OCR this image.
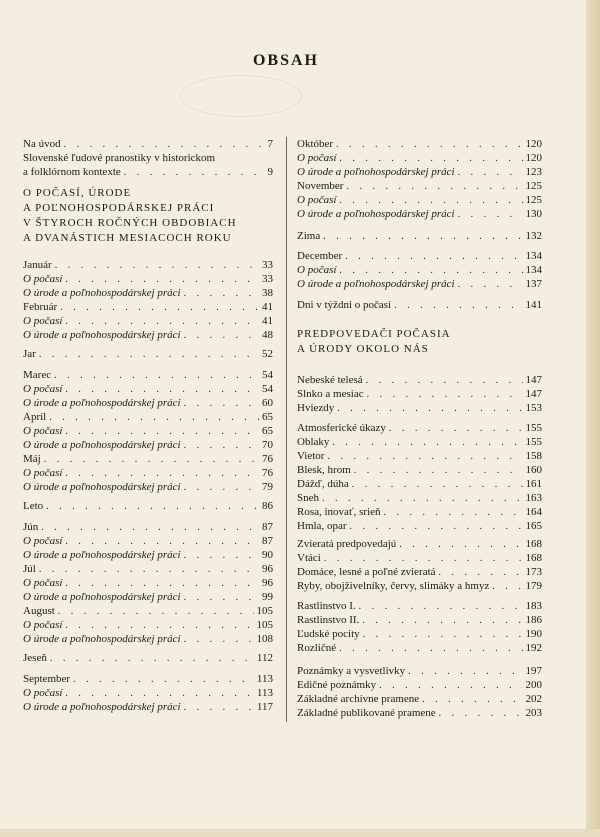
OBSAH
Na úvod . . .	7
Slovenské ľudové pranostiky v historickom
a folklórnom kontexte . . .	9
O POČASÍ, ÚRODE
A POĽNOHOSPODÁRSKEJ PRÁCI
V ŠTYROCH ROČNÝCH OBDOBIACH
A DVANÁSTICH MESIACOCH ROKU
Január . . .	33
O počasí . . .	33
O úrode a poľnohospodárskej práci . . .	38
Február . . .	41
O počasí . . .	41
O úrode a poľnohospodárskej práci . . .	48
Jar . . .	52
Marec . . .	54
O počasí . . .	54
O úrode a poľnohospodárskej práci . . .	60
Apríl . . .	65
O počasí . . .	65
O úrode a poľnohospodárskej práci . . .	70
Máj . . .	76
O počasí . . .	76
O úrode a poľnohospodárskej práci . . .	79
Leto . . .	86
Jún . . .	87
O počasí . . .	87
O úrode a poľnohospodárskej práci . . .	90
Júl . . .	96
O počasí . . .	96
O úrode a poľnohospodárskej práci . . .	99
August . . .	105
O počasí . . .	105
O úrode a poľnohospodárskej práci . . .	108
Jeseň . . .	112
September . . .	113
O počasí . . .	113
O úrode a poľnohospodárskej práci . . .	117
Október . . .	120
O počasí . . .	120
O úrode a poľnohospodárskej práci . . .	123
November . . .	125
O počasí . . .	125
O úrode a poľnohospodárskej práci . . .	130
Zima . . .	132
December . . .	134
O počasí . . .	134
O úrode a poľnohospodárskej práci . . .	137
Dni v týždni o počasí . . .	141
PREDPOVEDAČI POČASIA
A ÚRODY OKOLO NÁS
Nebeské telesá . . .	147
Slnko a mesiac . . .	147
Hviezdy . . .	153
Atmosferické úkazy . . .	155
Oblaky . . .	155
Vietor . . .	158
Blesk, hrom . . .	160
Dážď, dúha . . .	161
Sneh . . .	163
Rosa, inovať, srieň . . .	164
Hmla, opar . . .	165
Zvieratá predpovedajú . . .	168
Vtáci . . .	168
Domáce, lesné a poľné zvieratá . . .	173
Ryby, obojživelníky, červy, slimáky a hmyz . . .	179
Rastlinstvo I. . . .	183
Rastlinstvo II. . . .	186
Ľudské pocity . . .	190
Rozličné . . .	192
Poznámky a vysvetlivky . . .	197
Edičné poznámky . . .	200
Základné archívne pramene . . .	202
Základné publikované pramene . . .	203
